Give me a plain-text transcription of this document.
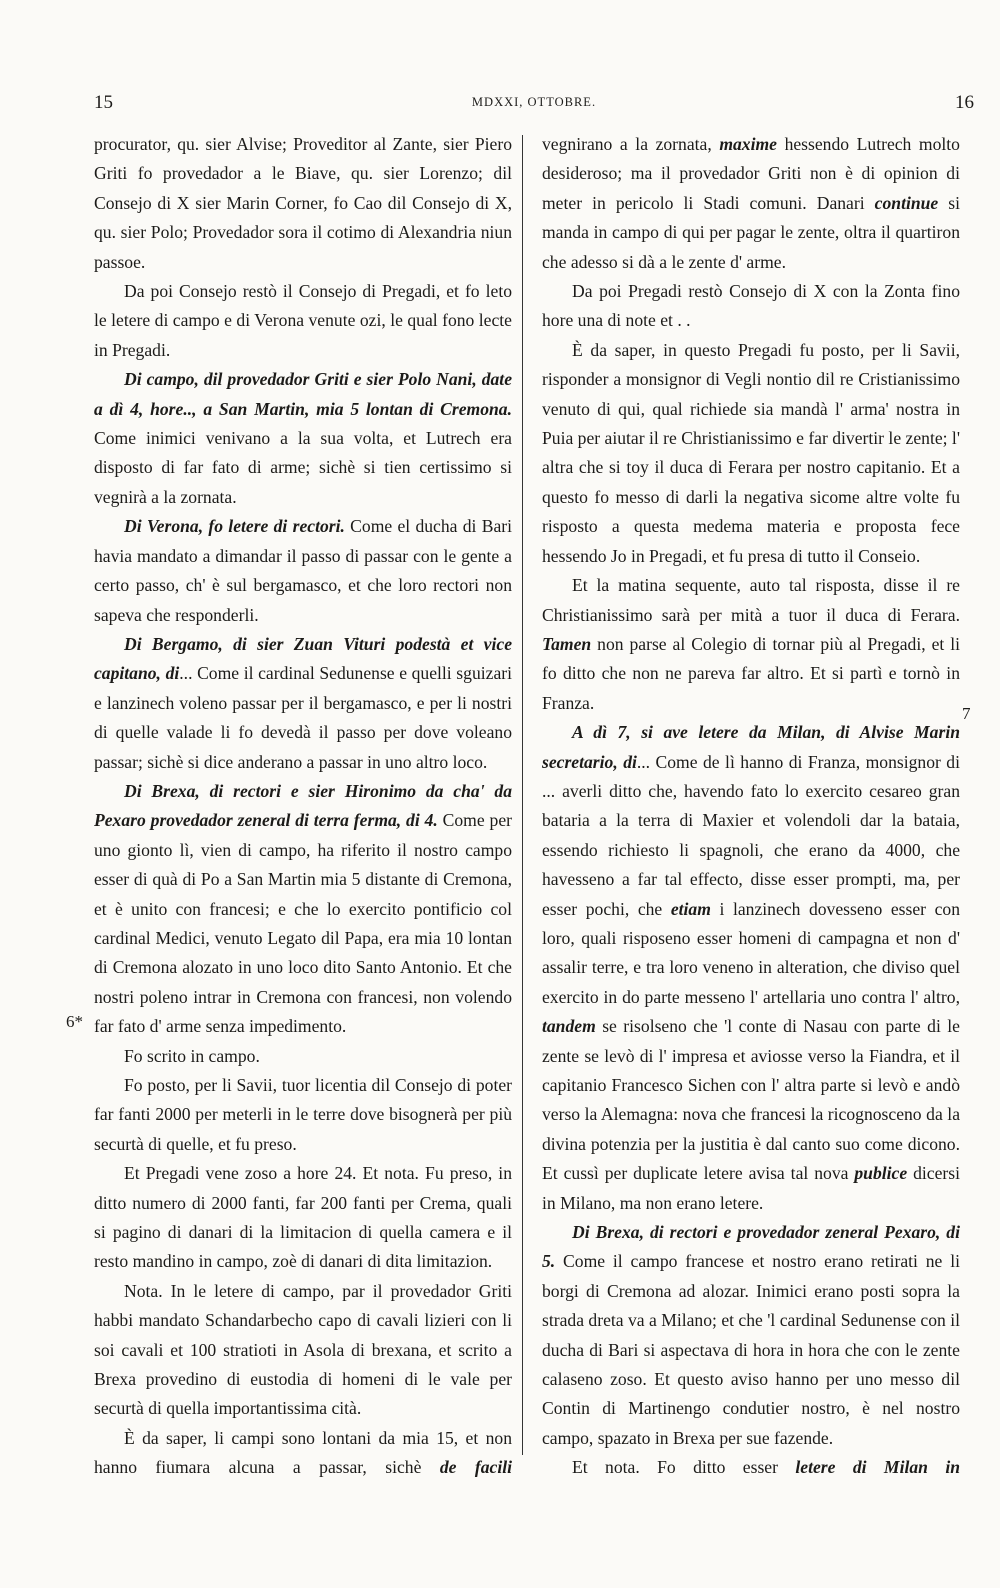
15	MDXXI, OTTOBRE.	16
6*
7

procurator, qu. sier Alvise; Proveditor al Zante, sier Piero Griti fo provedador a le Biave, qu. sier Lorenzo; dil Consejo di X sier Marin Corner, fo Cao dil Consejo di X, qu. sier Polo; Provedador sora il cotimo di Alexandria niun passoe.

Da poi Consejo restò il Consejo di Pregadi, et fo leto le letere di campo e di Verona venute ozi, le qual fono lecte in Pregadi.

Di campo, dil provedador Griti e sier Polo Nani, date a dì 4, hore.., a San Martin, mia 5 lontan di Cremona. Come inimici venivano a la sua volta, et Lutrech era disposto di far fato di arme; sichè si tien certissimo si vegnirà a la zornata.

Di Verona, fo letere di rectori. Come el ducha di Bari havia mandato a dimandar il passo di passar con le gente a certo passo, ch' è sul bergamasco, et che loro rectori non sapeva che responderli.

Di Bergamo, di sier Zuan Vituri podestà et vice capitano, di... Come il cardinal Sedunense e quelli sguizari e lanzinech voleno passar per il bergamasco, e per li nostri di quelle valade li fo devedà il passo per dove voleano passar; sichè si dice anderano a passar in uno altro loco.

Di Brexa, di rectori e sier Hironimo da cha' da Pexaro provedador zeneral di terra ferma, di 4. Come per uno gionto lì, vien di campo, ha riferito il nostro campo esser di quà di Po a San Martin mia 5 distante di Cremona, et è unito con francesi; e che lo exercito pontificio col cardinal Medici, venuto Legato dil Papa, era mia 10 lontan di Cremona alozato in uno loco dito Santo Antonio. Et che nostri poleno intrar in Cremona con francesi, non volendo far fato d' arme senza impedimento.

Fo scrito in campo.

Fo posto, per li Savii, tuor licentia dil Consejo di poter far fanti 2000 per meterli in le terre dove bisognerà per più securtà di quelle, et fu preso.

Et Pregadi vene zoso a hore 24. Et nota. Fu preso, in ditto numero di 2000 fanti, far 200 fanti per Crema, quali si pagino di danari di la limitacion di quella camera e il resto mandino in campo, zoè di danari di dita limitazion.

Nota. In le letere di campo, par il provedador Griti habbi mandato Schandarbecho capo di cavali lizieri con li soi cavali et 100 stratioti in Asola di brexana, et scrito a Brexa provedino di eustodia di homeni di le vale per securtà di quella importantissima cità.

È da saper, li campi sono lontani da mia 15, et non hanno fiumara alcuna a passar, sichè de facili

vegnirano a la zornata, maxime hessendo Lutrech molto desideroso; ma il provedador Griti non è di opinion di meter in pericolo li Stadi comuni. Danari continue si manda in campo di qui per pagar le zente, oltra il quartiron che adesso si dà a le zente d' arme.

Da poi Pregadi restò Consejo di X con la Zonta fino hore una di note et . .

È da saper, in questo Pregadi fu posto, per li Savii, risponder a monsignor di Vegli nontio dil re Cristianissimo venuto di qui, qual richiede sia mandà l' arma' nostra in Puia per aiutar il re Christianissimo e far divertir le zente; l' altra che si toy il duca di Ferara per nostro capitanio. Et a questo fo messo di darli la negativa sicome altre volte fu risposto a questa medema materia e proposta fece hessendo Jo in Pregadi, et fu presa di tutto il Conseio.

Et la matina sequente, auto tal risposta, disse il re Christianissimo sarà per mità a tuor il duca di Ferara. Tamen non parse al Colegio di tornar più al Pregadi, et li fo ditto che non ne pareva far altro. Et si partì e tornò in Franza.

A dì 7, si ave letere da Milan, di Alvise Marin secretario, di... Come de lì hanno di Franza, monsignor di ... averli ditto che, havendo fato lo exercito cesareo gran bataria a la terra di Maxier et volendoli dar la bataia, essendo richiesto li spagnoli, che erano da 4000, che havesseno a far tal effecto, disse esser prompti, ma, per esser pochi, che etiam i lanzinech dovesseno esser con loro, quali risposeno esser homeni di campagna et non d' assalir terre, e tra loro veneno in alteration, che diviso quel exercito in do parte messeno l' artellaria uno contra l' altro, tandem se risolseno che 'l conte di Nasau con parte di le zente se levò di l' impresa et aviosse verso la Fiandra, et il capitanio Francesco Sichen con l' altra parte si levò e andò verso la Alemagna: nova che francesi la ricognosceno da la divina potenzia per la justitia è dal canto suo come dicono. Et cussì per duplicate letere avisa tal nova publice dicersi in Milano, ma non erano letere.

Di Brexa, di rectori e provedador zeneral Pexaro, di 5. Come il campo francese et nostro erano retirati ne li borgi di Cremona ad alozar. Inimici erano posti sopra la strada dreta va a Milano; et che 'l cardinal Sedunense con il ducha di Bari si aspectava di hora in hora che con le zente calaseno zoso. Et questo aviso hanno per uno messo dil Contin di Martinengo condutier nostro, è nel nostro campo, spazato in Brexa per sue fazende.

Et nota. Fo ditto esser letere di Milan in
